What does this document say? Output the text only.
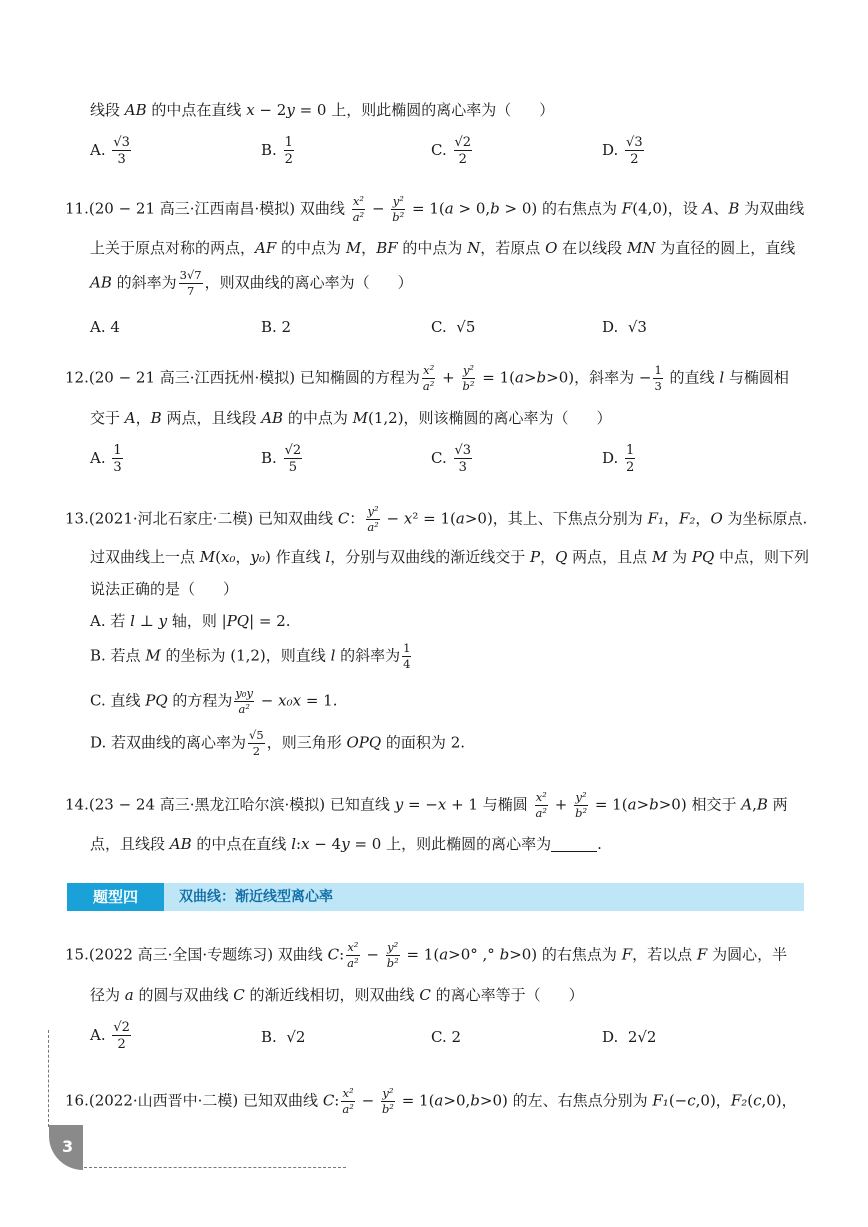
线段 AB 的中点在直线 x − 2y = 0 上，则此椭圆的离心率为（ ）
A. $\frac{√3}{3}$	B. $\frac{1}{2}$	C. $\frac{√2}{2}$	D. $\frac{√3}{2}$
11.(20 − 21 高三·江西南昌·模拟) 双曲线 $\frac{\text{x²}}{\text{a²}} - \frac{\text{y²}}{\text{b²}} = 1(a > 0,b > 0)$ 的右焦点为 F(4,0)，设 A、B 为双曲线
上关于原点对称的两点，AF 的中点为 M，BF 的中点为 N，若原点 O 在以线段 MN 为直径的圆上，直线
AB 的斜率为 $\frac{3√7}{7}$ ，则双曲线的离心率为（ ）
A. 4	B. 2	C. √5	D. √3
12.(20 − 21 高三·江西抚州·模拟) 已知椭圆的方程为 $\frac{\text{x²}}{\text{a²}} + \frac{\text{y²}}{\text{b²}} = 1(a>b>0)$，斜率为 − $\frac{1}{3}$ 的直线 l 与椭圆相
交于 A，B 两点，且线段 AB 的中点为 M(1,2)，则该椭圆的离心率为（ ）
A. $\frac{1}{3}$	B. $\frac{√2}{5}$	C. $\frac{√3}{3}$	D. $\frac{1}{2}$
13.(2021·河北石家庄·二模) 已知双曲线 C： $\frac{\text{y²}}{\text{a²}} - x^2 = 1(a>0)$，其上、下焦点分别为 F₁，F₂，O 为坐标原点.
过双曲线上一点 M(x₀，y₀) 作直线 l，分别与双曲线的渐近线交于 P，Q 两点，且点 M 为 PQ 中点，则下列
说法正确的是（ ）
A. 若 l ⊥ y 轴，则 |PQ| = 2.
B. 若点 M 的坐标为 (1,2)，则直线 l 的斜率为 $\frac{1}{4}$
C. 直线 PQ 的方程为 $\frac{\text{y₀y}}{\text{a²}} - x_0x = 1$.
D. 若双曲线的离心率为 $\frac{√5}{2}$ ，则三角形 OPQ 的面积为 2.
14.(23 − 24 高三·黑龙江哈尔滨·模拟) 已知直线 y = −x + 1 与椭圆 $\frac{\text{x²}}{\text{a²}} + \frac{\text{y²}}{\text{b²}} = 1(a>b>0)$ 相交于 A,B 两
点，且线段 AB 的中点在直线 l:x − 4y = 0 上，则此椭圆的离心率为	.
题型四	双曲线：渐近线型离心率
15.(2022 高三·全国·专题练习) 双曲线 C: $\frac{\text{x²}}{\text{a²}} - \frac{\text{y²}}{\text{b²}} = 1(a>0^\circ$ ,° b>0) 的右焦点为 F，若以点 F 为圆心，半
径为 a 的圆与双曲线 C 的渐近线相切，则双曲线 C 的离心率等于（ ）
A. $\frac{√2}{2}$	B. √2	C. 2	D. 2√2
16.(2022·山西晋中·二模) 已知双曲线 C: $\frac{\text{x²}}{\text{a²}} - \frac{\text{y²}}{\text{b²}} = 1(a>0,b>0)$ 的左、右焦点分别为 F₁(−c,0)，F₂(c,0)，
3
